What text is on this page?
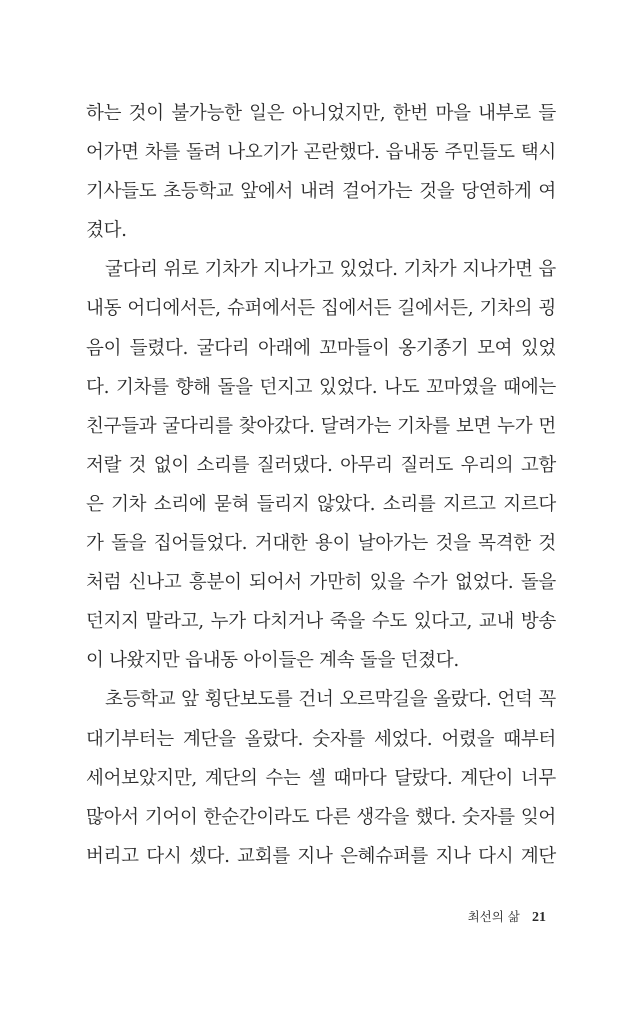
하는 것이 불가능한 일은 아니었지만, 한번 마을 내부로 들
어가면 차를 돌려 나오기가 곤란했다. 읍내동 주민들도 택시
기사들도 초등학교 앞에서 내려 걸어가는 것을 당연하게 여
겼다.
굴다리 위로 기차가 지나가고 있었다. 기차가 지나가면 읍
내동 어디에서든, 슈퍼에서든 집에서든 길에서든, 기차의 굉
음이 들렸다. 굴다리 아래에 꼬마들이 옹기종기 모여 있었
다. 기차를 향해 돌을 던지고 있었다. 나도 꼬마였을 때에는
친구들과 굴다리를 찾아갔다. 달려가는 기차를 보면 누가 먼
저랄 것 없이 소리를 질러댔다. 아무리 질러도 우리의 고함
은 기차 소리에 묻혀 들리지 않았다. 소리를 지르고 지르다
가 돌을 집어들었다. 거대한 용이 날아가는 것을 목격한 것
처럼 신나고 흥분이 되어서 가만히 있을 수가 없었다. 돌을
던지지 말라고, 누가 다치거나 죽을 수도 있다고, 교내 방송
이 나왔지만 읍내동 아이들은 계속 돌을 던졌다.
초등학교 앞 횡단보도를 건너 오르막길을 올랐다. 언덕 꼭
대기부터는 계단을 올랐다. 숫자를 세었다. 어렸을 때부터
세어보았지만, 계단의 수는 셀 때마다 달랐다. 계단이 너무
많아서 기어이 한순간이라도 다른 생각을 했다. 숫자를 잊어
버리고 다시 셌다. 교회를 지나 은혜슈퍼를 지나 다시 계단
최선의 삶 21
